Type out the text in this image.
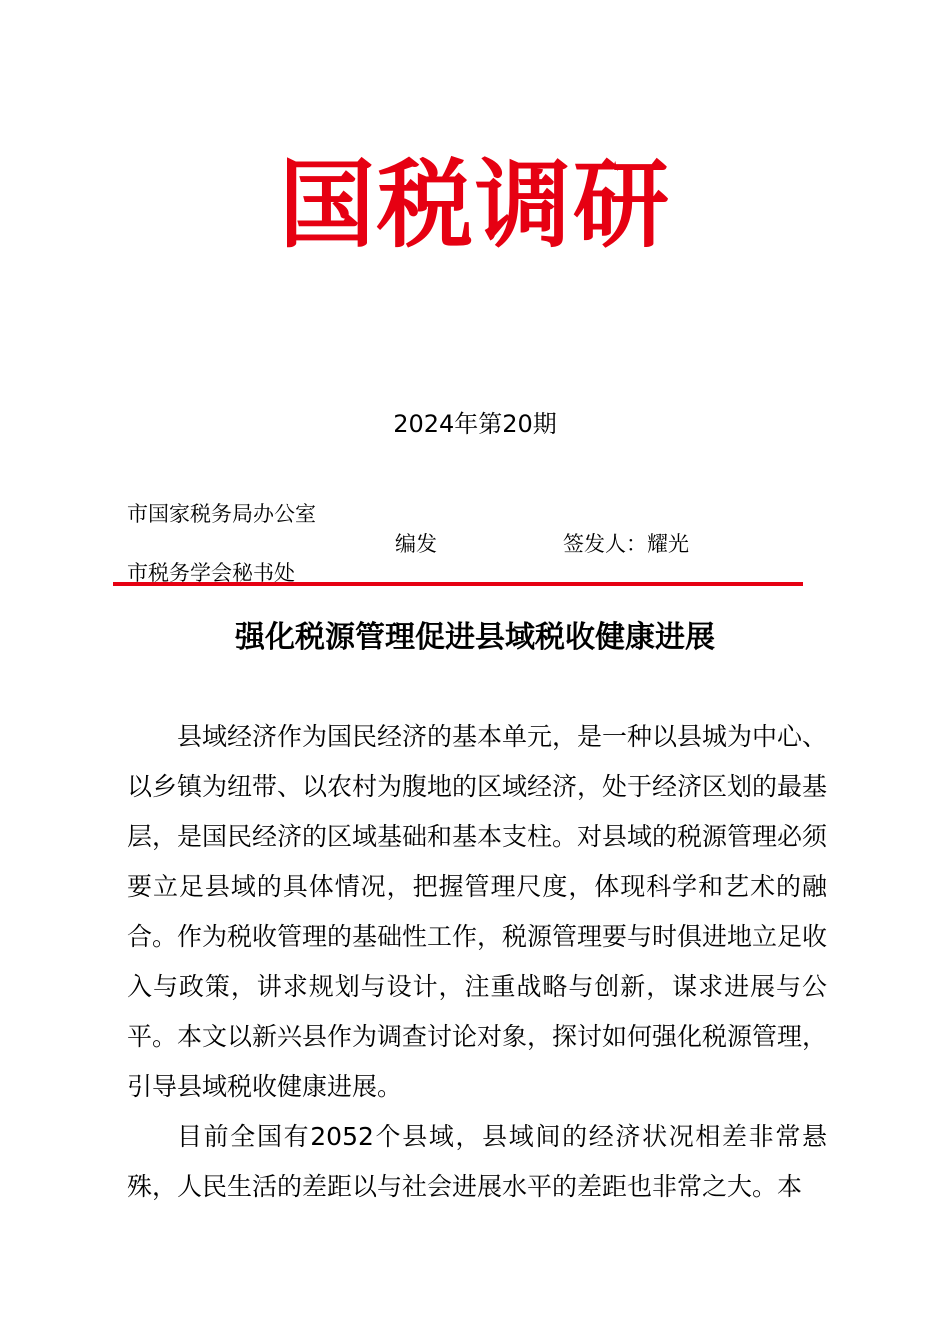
国税调研
2024年第20期
市国家税务局办公室
编发	签发人：耀光
市税务学会秘书处
强化税源管理促进县域税收健康进展

县域经济作为国民经济的基本单元，是一种以县城为中心、以乡镇为纽带、以农村为腹地的区域经济，处于经济区划的最基层，是国民经济的区域基础和基本支柱。对县域的税源管理必须要立足县域的具体情况，把握管理尺度，体现科学和艺术的融合。作为税收管理的基础性工作，税源管理要与时俱进地立足收入与政策，讲求规划与设计，注重战略与创新，谋求进展与公平。本文以新兴县作为调查讨论对象，探讨如何强化税源管理，引导县域税收健康进展。

目前全国有2052个县域，县域间的经济状况相差非常悬殊，人民生活的差距以与社会进展水平的差距也非常之大。本
